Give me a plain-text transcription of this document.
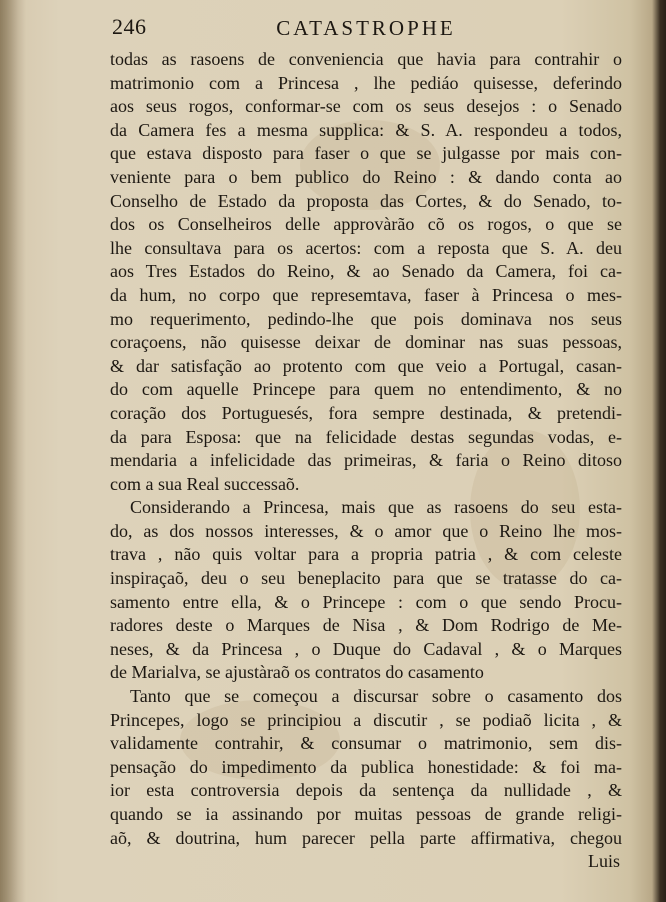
246	CATASTROPHE
todas as rasoens de conveniencia que havia para contrahir o
matrimonio com a Princesa , lhe pediáo quisesse, deferindo
aos seus rogos, conformar-se com os seus desejos : o Senado
da Camera fes a mesma supplica: & S. A. respondeu a todos,
que estava disposto para faser o que se julgasse por mais con-
veniente para o bem publico do Reino : & dando conta ao
Conselho de Estado da proposta das Cortes, & do Senado, to-
dos os Conselheiros delle approvàrão cõ os rogos, o que se
lhe consultava para os acertos: com a reposta que S. A. deu
aos Tres Estados do Reino, & ao Senado da Camera, foi ca-
da hum, no corpo que represemtava, faser à Princesa o mes-
mo requerimento, pedindo-lhe que pois dominava nos seus
coraçoens, não quisesse deixar de dominar nas suas pessoas,
& dar satisfação ao protento com que veio a Portugal, casan-
do com aquelle Princepe para quem no entendimento, & no
coração dos Portuguesés, fora sempre destinada, & pretendi-
da para Esposa: que na felicidade destas segundas vodas, e-
mendaria a infelicidade das primeiras, & faria o Reino ditoso
com a sua Real successaõ.
Considerando a Princesa, mais que as rasoens do seu esta-
do, as dos nossos interesses, & o amor que o Reino lhe mos-
trava , não quis voltar para a propria patria , & com celeste
inspiraçaõ, deu o seu beneplacito para que se tratasse do ca-
samento entre ella, & o Princepe : com o que sendo Procu-
radores deste o Marques de Nisa , & Dom Rodrigo de Me-
neses, & da Princesa , o Duque do Cadaval , & o Marques
de Marialva, se ajustàraõ os contratos do casamento
Tanto que se começou a discursar sobre o casamento dos
Princepes, logo se principiou a discutir , se podiaõ licita , &
validamente contrahir, & consumar o matrimonio, sem dis-
pensação do impedimento da publica honestidade: & foi ma-
ior esta controversia depois da sentença da nullidade , &
quando se ia assinando por muitas pessoas de grande religi-
aõ, & doutrina, hum parecer pella parte affirmativa, chegou
Luis
